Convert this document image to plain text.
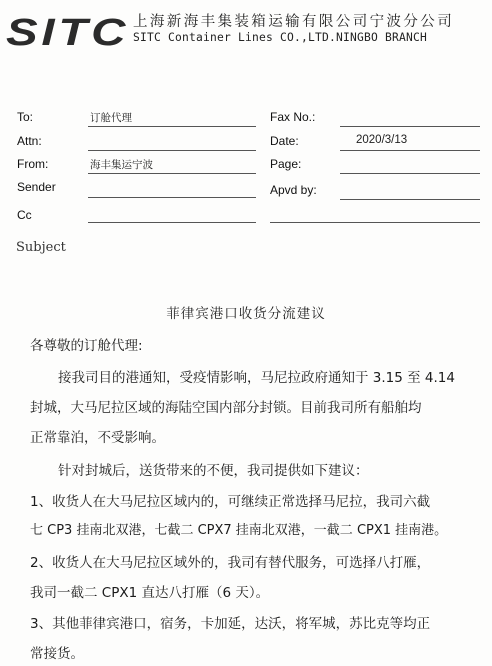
SITC 上海新海丰集装箱运输有限公司宁波分公司
SITC Container Lines CO.,LTD.NINGBO BRANCH
To:	订舱代理
Attn:
From:	海丰集运宁波
Sender
Cc
Fax No.:
Date:	2020/3/13
Page:
Apvd by:
Subject
菲律宾港口收货分流建议
各尊敬的订舱代理:
接我司目的港通知，受疫情影响，马尼拉政府通知于 3.15 至 4.14
封城，大马尼拉区域的海陆空国内部分封锁。目前我司所有船舶均
正常靠泊，不受影响。
针对封城后，送货带来的不便，我司提供如下建议：
1、收货人在大马尼拉区域内的，可继续正常选择马尼拉，我司六截
七 CP3 挂南北双港，七截二 CPX7 挂南北双港，一截二 CPX1 挂南港。
2、收货人在大马尼拉区域外的，我司有替代服务，可选择八打雁，
我司一截二 CPX1 直达八打雁（6 天）。
3、其他菲律宾港口，宿务，卡加延，达沃，将军城，苏比克等均正
常接货。
